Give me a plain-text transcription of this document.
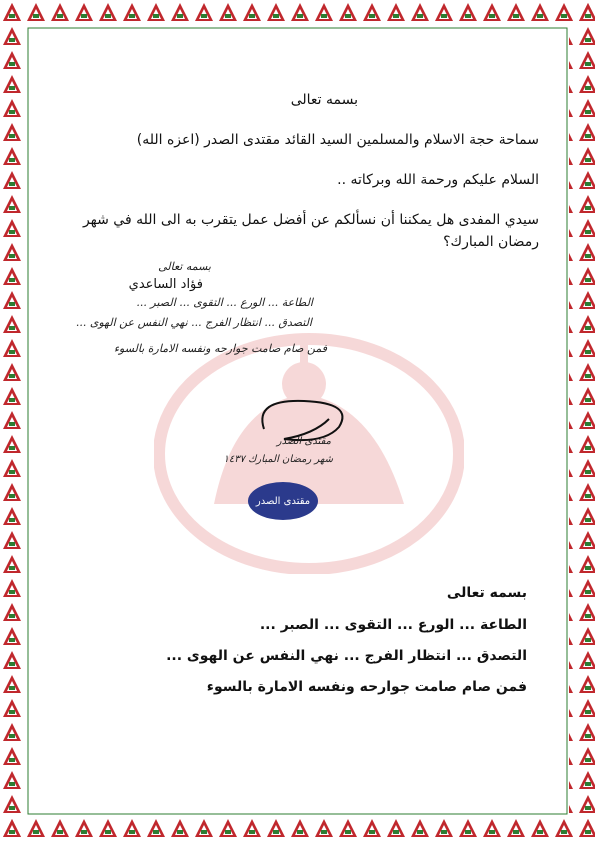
بسمه تعالى
سماحة حجة الاسلام والمسلمين السيد القائد مقتدى الصدر (اعزه الله)
السلام عليكم ورحمة الله وبركاته ..
سيدي المفدى هل يمكننا أن نسألكم عن أفضل عمل يتقرب به الى الله في شهر
رمضان المبارك؟
فؤاد الساعدي
بسمه تعالى
الطاعة ... الورع ... التقوى ... الصبر ...
التصدق ... انتظار الفرج ... نهي النفس عن الهوى ...
فمن صام صامت جوارحه ونفسه الامارة بالسوء
مقتدى الصدر
شهر رمضان المبارك ١٤٣٧
مقتدى الصدر
بسمه تعالى
الطاعة ... الورع ... التقوى ... الصبر ...
التصدق ... انتظار الفرج ... نهي النفس عن الهوى ...
فمن صام صامت جوارحه ونفسه الامارة بالسوء
